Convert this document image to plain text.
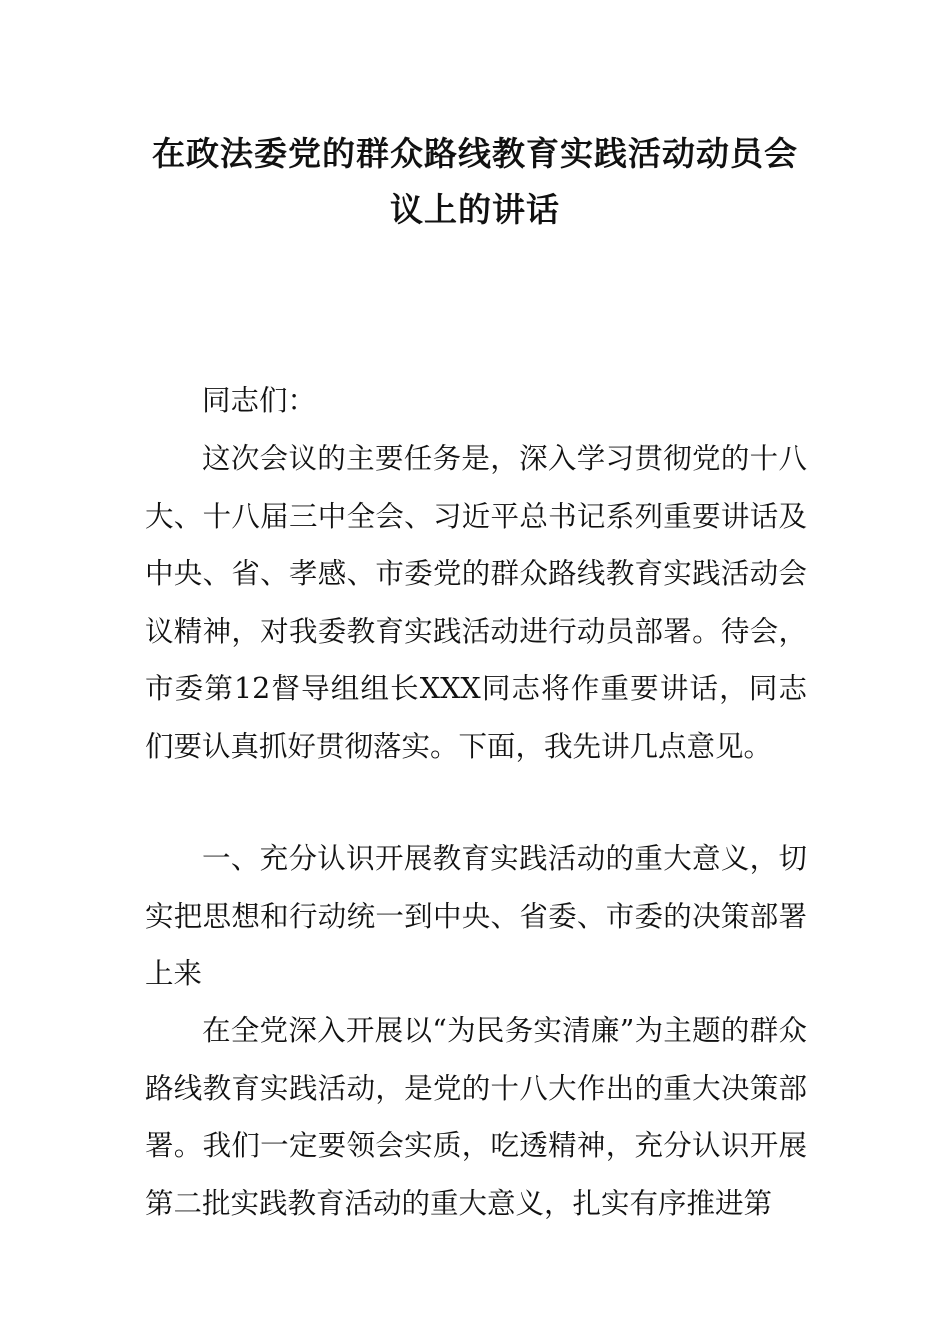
在政法委党的群众路线教育实践活动动员会议上的讲话

同志们：

这次会议的主要任务是，深入学习贯彻党的十八大、十八届三中全会、习近平总书记系列重要讲话及中央、省、孝感、市委党的群众路线教育实践活动会议精神，对我委教育实践活动进行动员部署。待会，市委第12督导组组长XXX同志将作重要讲话，同志们要认真抓好贯彻落实。下面，我先讲几点意见。

一、充分认识开展教育实践活动的重大意义，切实把思想和行动统一到中央、省委、市委的决策部署上来

在全党深入开展以“为民务实清廉”为主题的群众路线教育实践活动，是党的十八大作出的重大决策部署。我们一定要领会实质，吃透精神，充分认识开展第二批实践教育活动的重大意义，扎实有序推进第
